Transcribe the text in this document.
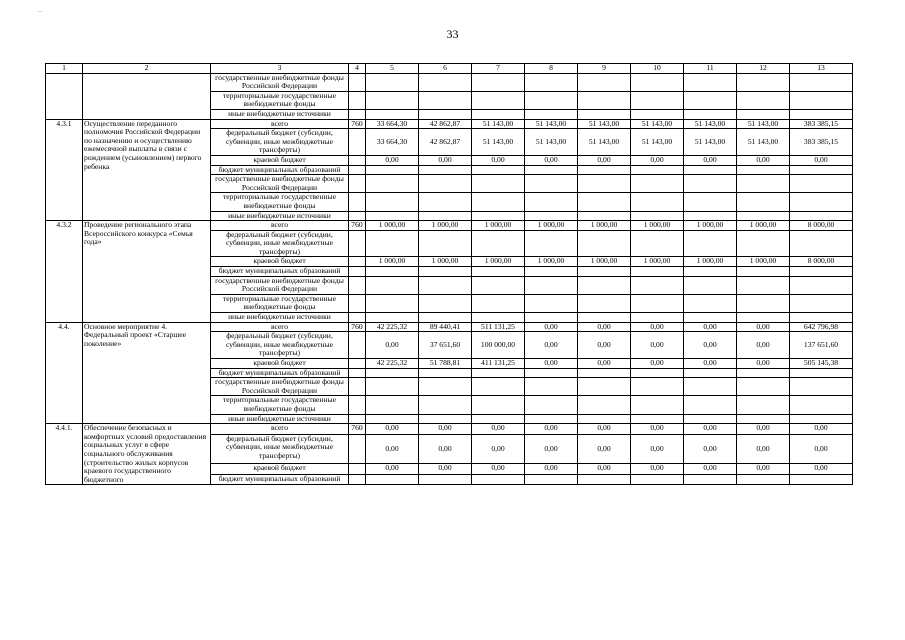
–
33
1	2	3	4	5	6	7	8	9	10	11	12	13
		государственные внебюджетные фонды Российской Федерации										
		территориальные государственные внебюджетные фонды										
		иные внебюджетные источники										
4.3.1	Осуществление переданного полномочия Российской Федерации по назначению и осуществлению ежемесячной выплаты в связи с рождением (усыновлением) первого ребенка	всего	760	33 664,30	42 862,87	51 143,00	51 143,00	51 143,00	51 143,00	51 143,00	51 143,00	383 385,15
		федеральный бюджет (субсидии, субвенции, иные межбюджетные трансферты)		33 664,30	42 862,87	51 143,00	51 143,00	51 143,00	51 143,00	51 143,00	51 143,00	383 385,15
		краевой бюджет		0,00	0,00	0,00	0,00	0,00	0,00	0,00	0,00	0,00
		бюджет муниципальных образований										
		государственные внебюджетные фонды Российской Федерации										
		территориальные государственные внебюджетные фонды										
		иные внебюджетные источники										
4.3.2	Проведение регионального этапа Всероссийского конкурса «Семья года»	всего	760	1 000,00	1 000,00	1 000,00	1 000,00	1 000,00	1 000,00	1 000,00	1 000,00	8 000,00
		федеральный бюджет (субсидии, субвенции, иные межбюджетные трансферты)										
		краевой бюджет		1 000,00	1 000,00	1 000,00	1 000,00	1 000,00	1 000,00	1 000,00	1 000,00	8 000,00
		бюджет муниципальных образований										
		государственные внебюджетные фонды Российской Федерации										
		территориальные государственные внебюджетные фонды										
		иные внебюджетные источники										
4.4.	Основное мероприятие 4. Федеральный проект «Старшее поколение»	всего	760	42 225,32	89 440,41	511 131,25	0,00	0,00	0,00	0,00	0,00	642 796,98
		федеральный бюджет (субсидии, субвенции, иные межбюджетные трансферты)		0,00	37 651,60	100 000,00	0,00	0,00	0,00	0,00	0,00	137 651,60
		краевой бюджет		42 225,32	51 788,81	411 131,25	0,00	0,00	0,00	0,00	0,00	505 145,38
		бюджет муниципальных образований										
		государственные внебюджетные фонды Российской Федерации										
		территориальные государственные внебюджетные фонды										
		иные внебюджетные источники										
4.4.1.	Обеспечение безопасных и комфортных условий предоставления социальных услуг в сфере социального обслуживания (строительство жилых корпусов краевого государственного бюджетного	всего	760	0,00	0,00	0,00	0,00	0,00	0,00	0,00	0,00	0,00
		федеральный бюджет (субсидии, субвенции, иные межбюджетные трансферты)		0,00	0,00	0,00	0,00	0,00	0,00	0,00	0,00	0,00
		краевой бюджет		0,00	0,00	0,00	0,00	0,00	0,00	0,00	0,00	0,00
		бюджет муниципальных образований										
